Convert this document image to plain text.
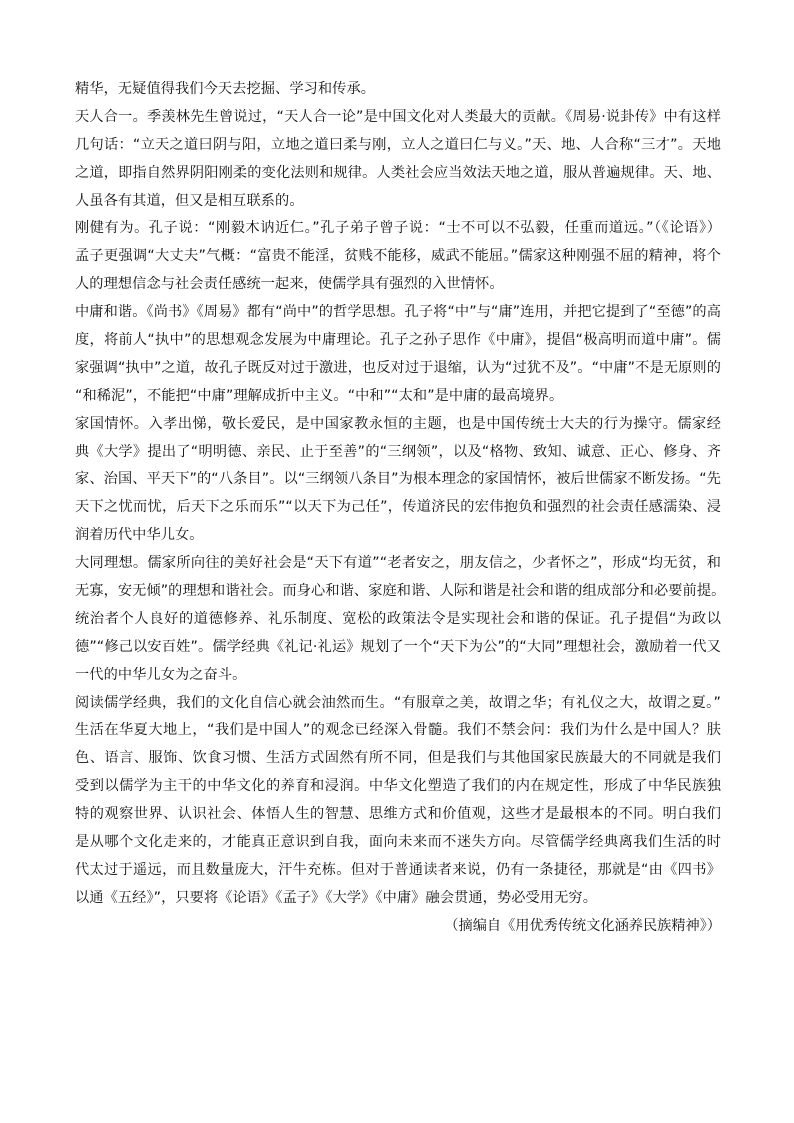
精华，无疑值得我们今天去挖掘、学习和传承。
天人合一。季羡林先生曾说过，“天人合一论”是中国文化对人类最大的贡献。《周易·说卦传》中有这样
几句话：“立天之道曰阴与阳，立地之道曰柔与刚，立人之道曰仁与义。”天、地、人合称“三才”。天地
之道，即指自然界阴阳刚柔的变化法则和规律。人类社会应当效法天地之道，服从普遍规律。天、地、
人虽各有其道，但又是相互联系的。
刚健有为。孔子说：“刚毅木讷近仁。”孔子弟子曾子说：“士不可以不弘毅，任重而道远。”（《论语》）
孟子更强调“大丈夫”气概：“富贵不能淫，贫贱不能移，威武不能屈。”儒家这种刚强不屈的精神，将个
人的理想信念与社会责任感统一起来，使儒学具有强烈的入世情怀。
中庸和谐。《尚书》《周易》都有“尚中”的哲学思想。孔子将“中”与“庸”连用，并把它提到了“至德”的高
度，将前人“执中”的思想观念发展为中庸理论。孔子之孙子思作《中庸》，提倡“极高明而道中庸”。儒
家强调“执中”之道，故孔子既反对过于激进，也反对过于退缩，认为“过犹不及”。“中庸”不是无原则的
“和稀泥”，不能把“中庸”理解成折中主义。“中和”“太和”是中庸的最高境界。
家国情怀。入孝出悌，敬长爱民，是中国家教永恒的主题，也是中国传统士大夫的行为操守。儒家经
典《大学》提出了“明明德、亲民、止于至善”的“三纲领”，以及“格物、致知、诚意、正心、修身、齐
家、治国、平天下”的“八条目”。以“三纲领八条目”为根本理念的家国情怀，被后世儒家不断发扬。“先
天下之忧而忧，后天下之乐而乐”“以天下为己任”，传道济民的宏伟抱负和强烈的社会责任感濡染、浸
润着历代中华儿女。
大同理想。儒家所向往的美好社会是“天下有道”“老者安之，朋友信之，少者怀之”，形成“均无贫，和
无寡，安无倾”的理想和谐社会。而身心和谐、家庭和谐、人际和谐是社会和谐的组成部分和必要前提。
统治者个人良好的道德修养、礼乐制度、宽松的政策法令是实现社会和谐的保证。孔子提倡“为政以
德”“修己以安百姓”。儒学经典《礼记·礼运》规划了一个“天下为公”的“大同”理想社会，激励着一代又
一代的中华儿女为之奋斗。
阅读儒学经典，我们的文化自信心就会油然而生。“有服章之美，故谓之华；有礼仪之大，故谓之夏。”
生活在华夏大地上，“我们是中国人”的观念已经深入骨髓。我们不禁会问：我们为什么是中国人？肤
色、语言、服饰、饮食习惯、生活方式固然有所不同，但是我们与其他国家民族最大的不同就是我们
受到以儒学为主干的中华文化的养育和浸润。中华文化塑造了我们的内在规定性，形成了中华民族独
特的观察世界、认识社会、体悟人生的智慧、思维方式和价值观，这些才是最根本的不同。明白我们
是从哪个文化走来的，才能真正意识到自我，面向未来而不迷失方向。尽管儒学经典离我们生活的时
代太过于遥远，而且数量庞大，汗牛充栋。但对于普通读者来说，仍有一条捷径，那就是“由《四书》
以通《五经》”，只要将《论语》《孟子》《大学》《中庸》融会贯通，势必受用无穷。
（摘编自《用优秀传统文化涵养民族精神》）
